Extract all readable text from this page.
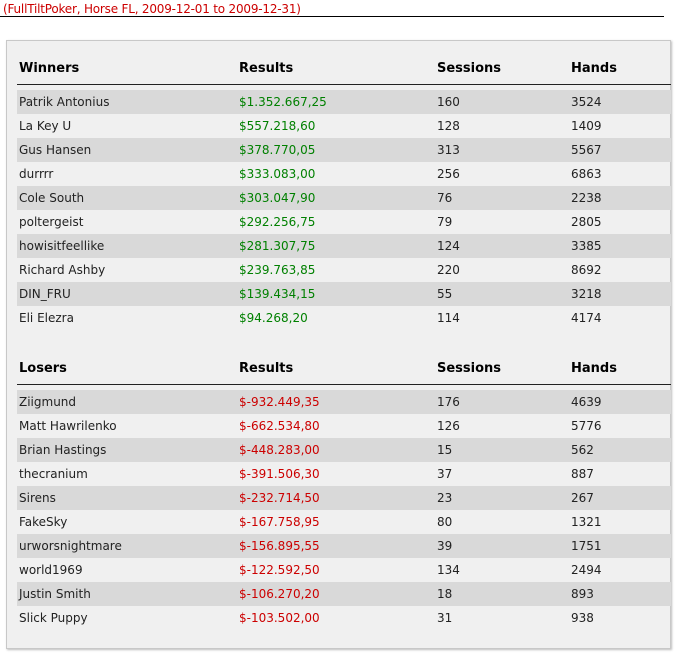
(FullTiltPoker, Horse FL, 2009-12-01 to 2009-12-31)
Winners	Results	Sessions	Hands
Patrik Antonius	$1.352.667,25	160	3524
La Key U	$557.218,60	128	1409
Gus Hansen	$378.770,05	313	5567
durrrr	$333.083,00	256	6863
Cole South	$303.047,90	76	2238
poltergeist	$292.256,75	79	2805
howisitfeellike	$281.307,75	124	3385
Richard Ashby	$239.763,85	220	8692
DIN_FRU	$139.434,15	55	3218
Eli Elezra	$94.268,20	114	4174
Losers	Results	Sessions	Hands
Ziigmund	$-932.449,35	176	4639
Matt Hawrilenko	$-662.534,80	126	5776
Brian Hastings	$-448.283,00	15	562
thecranium	$-391.506,30	37	887
Sirens	$-232.714,50	23	267
FakeSky	$-167.758,95	80	1321
urworsnightmare	$-156.895,55	39	1751
world1969	$-122.592,50	134	2494
Justin Smith	$-106.270,20	18	893
Slick Puppy	$-103.502,00	31	938
